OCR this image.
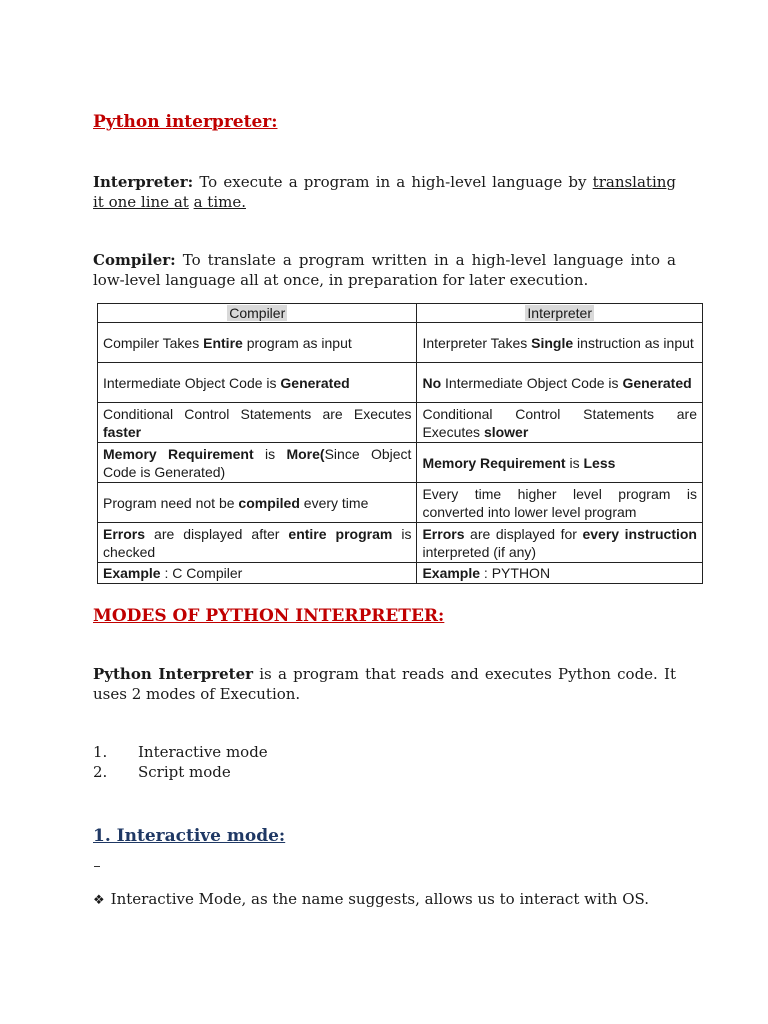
Python interpreter:
Interpreter: To execute a program in a high-level language by translating
it one line at a time.
Compiler: To translate a program written in a high-level language into a
low-level language all at once, in preparation for later execution.
Compiler	Interpreter
Compiler Takes Entire program as input	Interpreter Takes Single instruction as input
Intermediate Object Code is Generated	No Intermediate Object Code is Generated
Conditional Control Statements are Executes faster	Conditional Control Statements are Executes slower
Memory Requirement is More(Since Object Code is Generated)	Memory Requirement is Less
Program need not be compiled every time	Every time higher level program is converted into lower level program
Errors are displayed after entire program is checked	Errors are displayed for every instruction interpreted (if any)
Example : C Compiler	Example : PYTHON
MODES OF PYTHON INTERPRETER:
Python Interpreter is a program that reads and executes Python code. It
uses 2 modes of Execution.
1. Interactive mode
2. Script mode
1. Interactive mode:
❖ Interactive Mode, as the name suggests, allows us to interact with OS.
